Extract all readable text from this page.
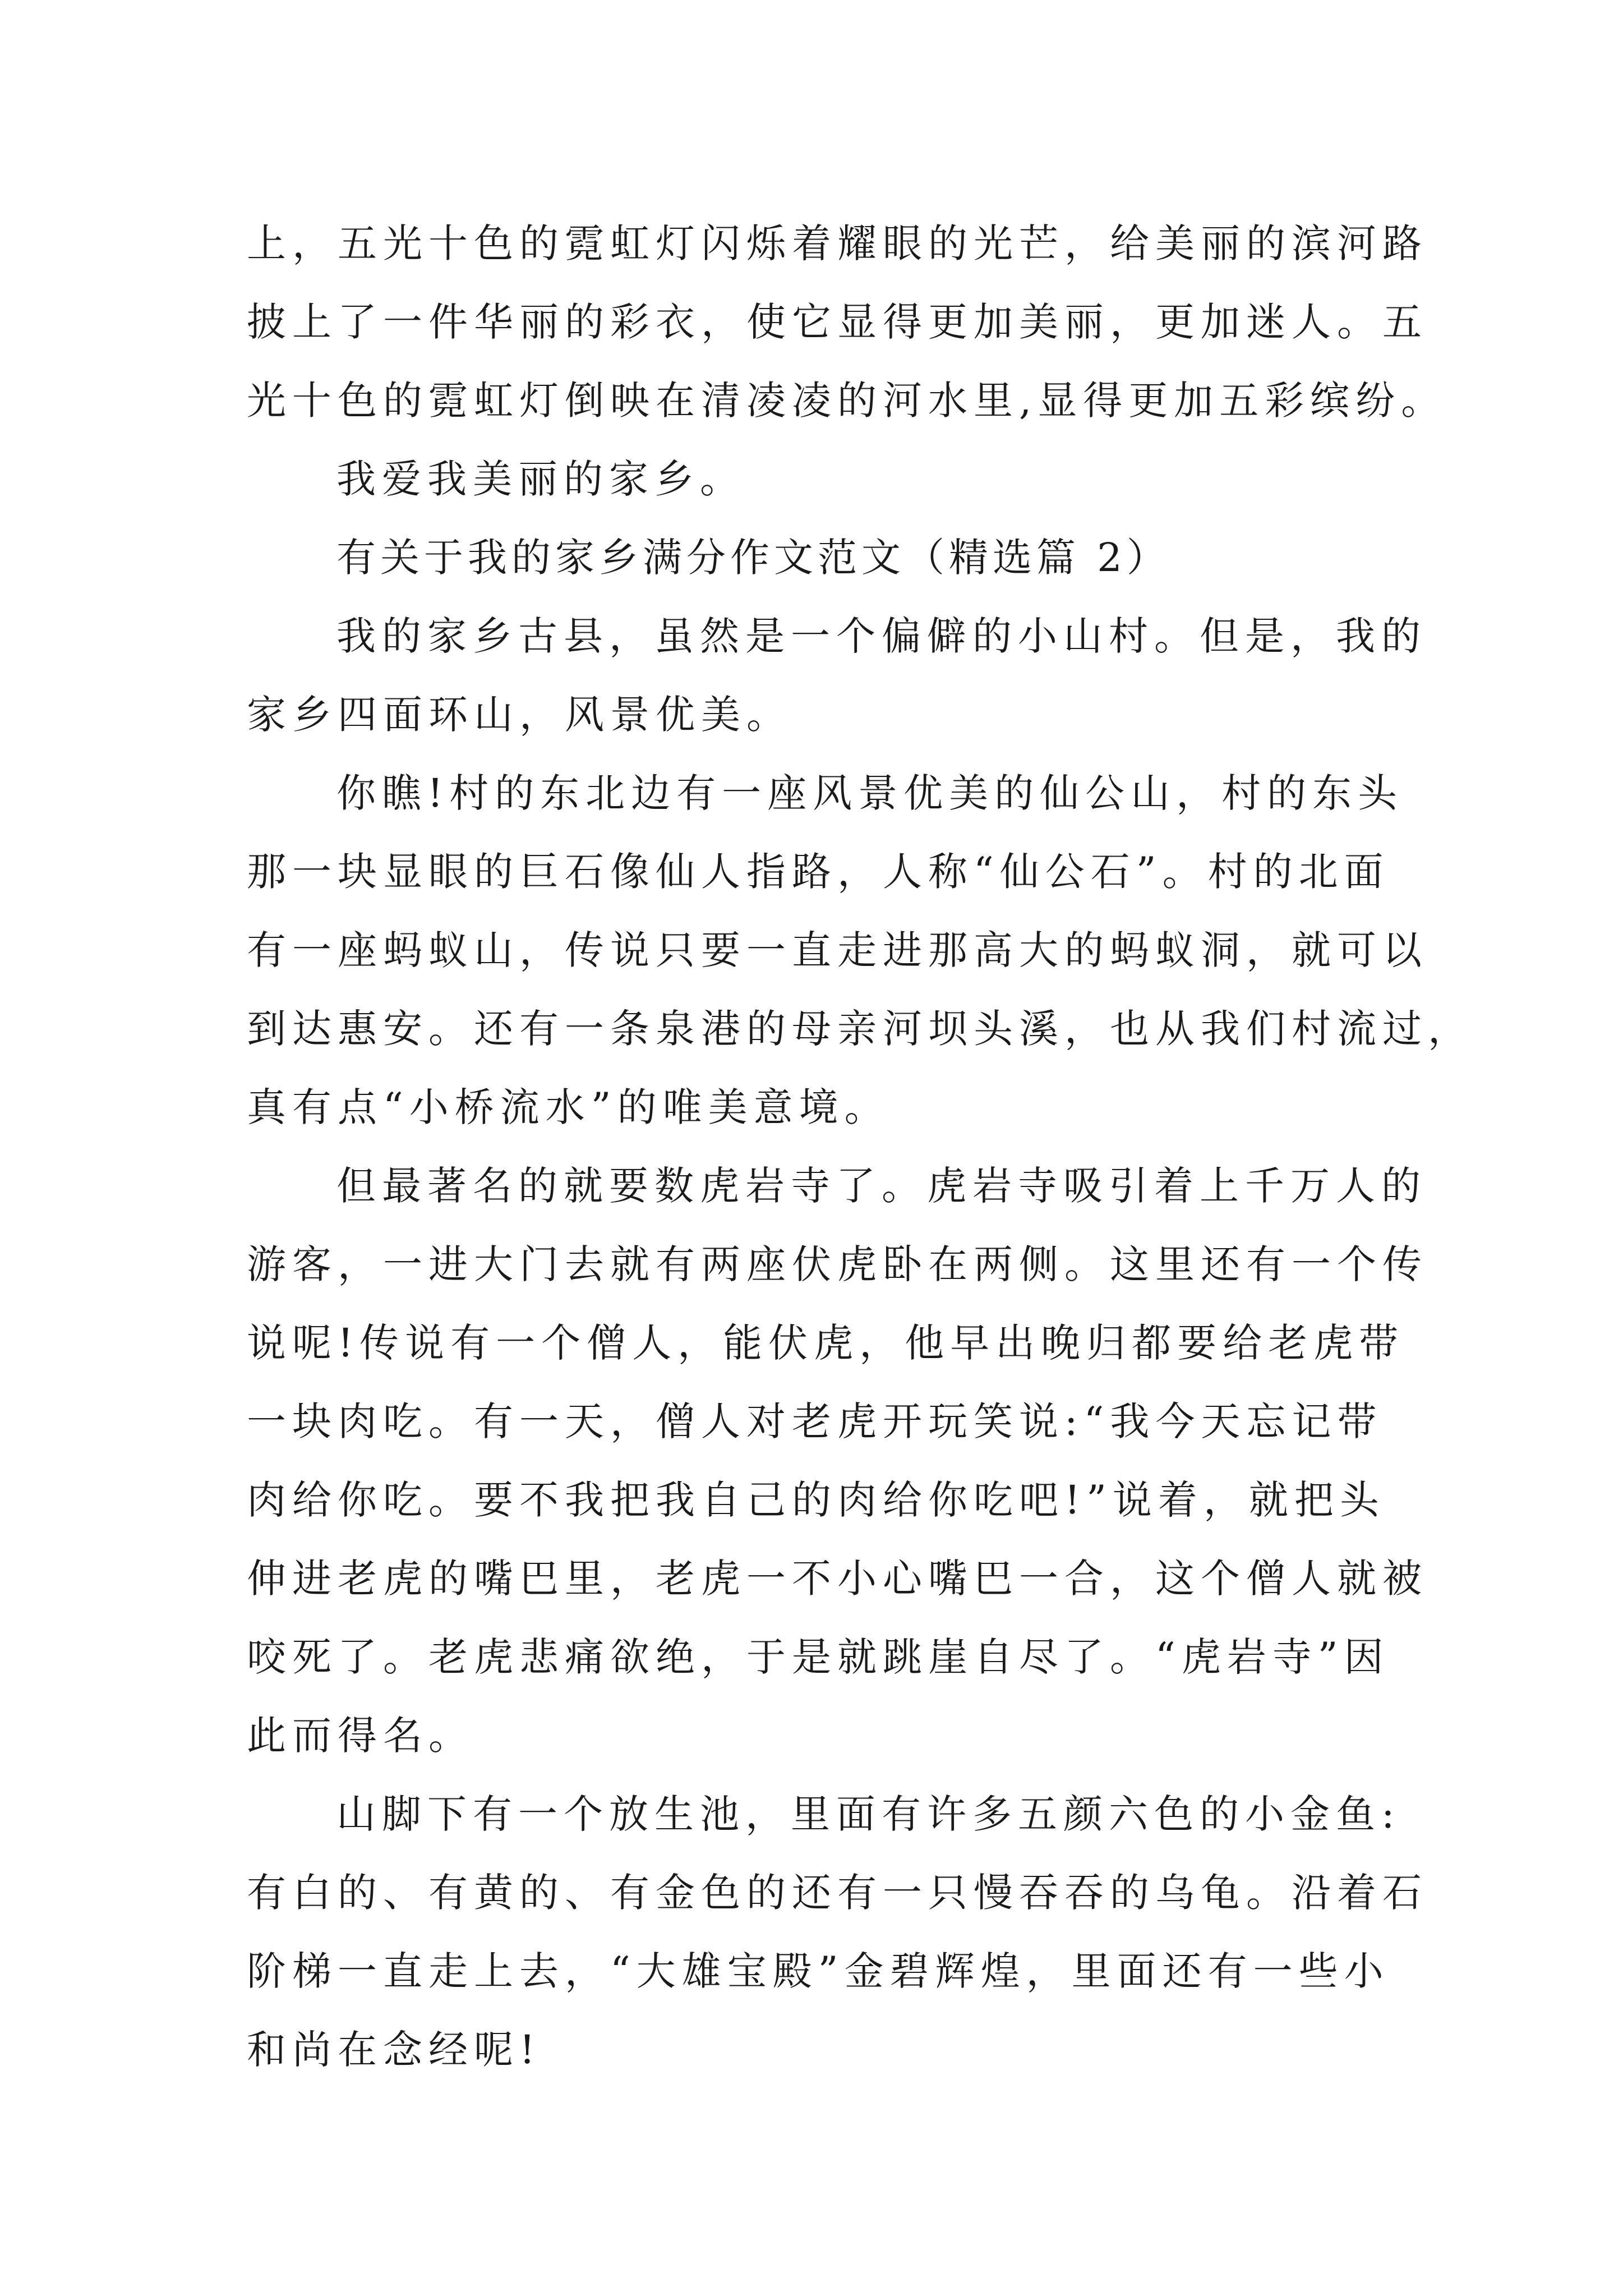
上，五光十色的霓虹灯闪烁着耀眼的光芒，给美丽的滨河路
披上了一件华丽的彩衣，使它显得更加美丽，更加迷人。五
光十色的霓虹灯倒映在清凌凌的河水里,显得更加五彩缤纷。
我爱我美丽的家乡。
有关于我的家乡满分作文范文（精选篇 2）
我的家乡古县，虽然是一个偏僻的小山村。但是，我的
家乡四面环山，风景优美。
你瞧!村的东北边有一座风景优美的仙公山，村的东头
那一块显眼的巨石像仙人指路，人称“仙公石”。村的北面
有一座蚂蚁山，传说只要一直走进那高大的蚂蚁洞，就可以
到达惠安。还有一条泉港的母亲河坝头溪，也从我们村流过，
真有点“小桥流水”的唯美意境。
但最著名的就要数虎岩寺了。虎岩寺吸引着上千万人的
游客，一进大门去就有两座伏虎卧在两侧。这里还有一个传
说呢!传说有一个僧人，能伏虎，他早出晚归都要给老虎带
一块肉吃。有一天，僧人对老虎开玩笑说:“我今天忘记带
肉给你吃。要不我把我自己的肉给你吃吧!”说着，就把头
伸进老虎的嘴巴里，老虎一不小心嘴巴一合，这个僧人就被
咬死了。老虎悲痛欲绝，于是就跳崖自尽了。“虎岩寺”因
此而得名。
山脚下有一个放生池，里面有许多五颜六色的小金鱼:
有白的、有黄的、有金色的还有一只慢吞吞的乌龟。沿着石
阶梯一直走上去，“大雄宝殿”金碧辉煌，里面还有一些小
和尚在念经呢!
